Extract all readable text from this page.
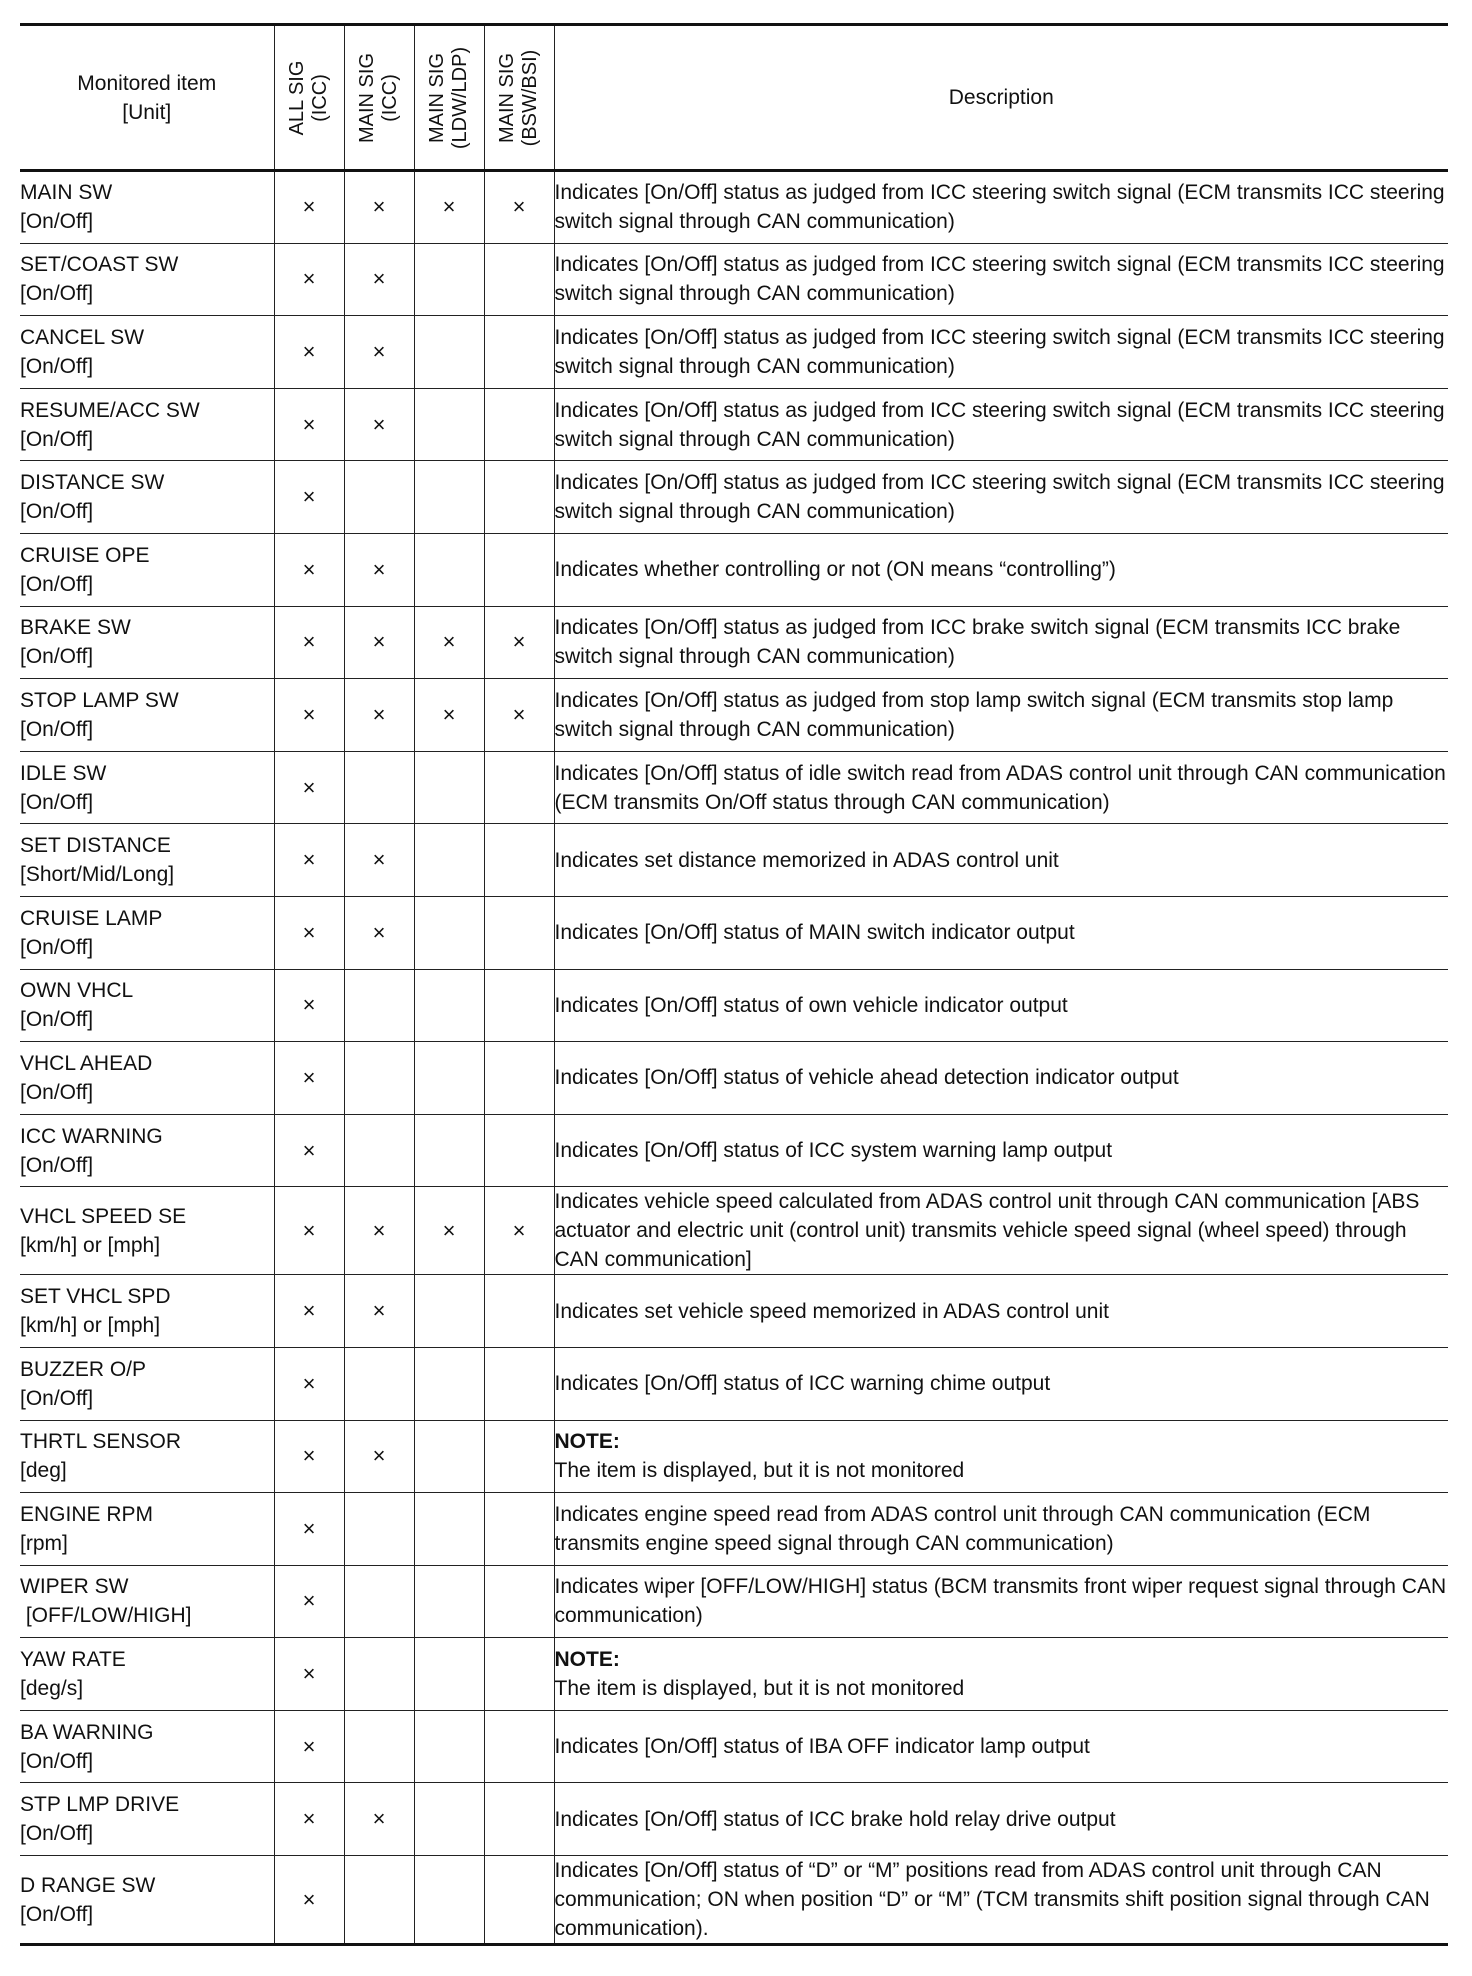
Monitored item
[Unit]	ALL SIG (ICC)	MAIN SIG (ICC)	MAIN SIG (LDW/LDP)	MAIN SIG (BSW/BSI)	Description

MAIN SW
[On/Off]	×	×	×	×	Indicates [On/Off] status as judged from ICC steering switch signal (ECM transmits ICC steering switch signal through CAN communication)

SET/COAST SW
[On/Off]	×	×			Indicates [On/Off] status as judged from ICC steering switch signal (ECM transmits ICC steering switch signal through CAN communication)

CANCEL SW
[On/Off]	×	×			Indicates [On/Off] status as judged from ICC steering switch signal (ECM transmits ICC steering switch signal through CAN communication)

RESUME/ACC SW
[On/Off]	×	×			Indicates [On/Off] status as judged from ICC steering switch signal (ECM transmits ICC steering switch signal through CAN communication)

DISTANCE SW
[On/Off]	×				Indicates [On/Off] status as judged from ICC steering switch signal (ECM transmits ICC steering switch signal through CAN communication)

CRUISE OPE
[On/Off]	×	×			Indicates whether controlling or not (ON means “controlling”)

BRAKE SW
[On/Off]	×	×	×	×	Indicates [On/Off] status as judged from ICC brake switch signal (ECM transmits ICC brake switch signal through CAN communication)

STOP LAMP SW
[On/Off]	×	×	×	×	Indicates [On/Off] status as judged from stop lamp switch signal (ECM transmits stop lamp switch signal through CAN communication)

IDLE SW
[On/Off]	×				Indicates [On/Off] status of idle switch read from ADAS control unit through CAN communication (ECM transmits On/Off status through CAN communication)

SET DISTANCE
[Short/Mid/Long]	×	×			Indicates set distance memorized in ADAS control unit

CRUISE LAMP
[On/Off]	×	×			Indicates [On/Off] status of MAIN switch indicator output

OWN VHCL
[On/Off]	×				Indicates [On/Off] status of own vehicle indicator output

VHCL AHEAD
[On/Off]	×				Indicates [On/Off] status of vehicle ahead detection indicator output

ICC WARNING
[On/Off]	×				Indicates [On/Off] status of ICC system warning lamp output

VHCL SPEED SE
[km/h] or [mph]	×	×	×	×	Indicates vehicle speed calculated from ADAS control unit through CAN communication [ABS actuator and electric unit (control unit) transmits vehicle speed signal (wheel speed) through CAN communication]

SET VHCL SPD
[km/h] or [mph]	×	×			Indicates set vehicle speed memorized in ADAS control unit

BUZZER O/P
[On/Off]	×				Indicates [On/Off] status of ICC warning chime output

THRTL SENSOR
[deg]	×	×			NOTE:
The item is displayed, but it is not monitored

ENGINE RPM
[rpm]	×				Indicates engine speed read from ADAS control unit through CAN communication (ECM transmits engine speed signal through CAN communication)

WIPER SW
[OFF/LOW/HIGH]	×				Indicates wiper [OFF/LOW/HIGH] status (BCM transmits front wiper request signal through CAN communication)

YAW RATE
[deg/s]	×				NOTE:
The item is displayed, but it is not monitored

BA WARNING
[On/Off]	×				Indicates [On/Off] status of IBA OFF indicator lamp output

STP LMP DRIVE
[On/Off]	×	×			Indicates [On/Off] status of ICC brake hold relay drive output

D RANGE SW
[On/Off]	×				Indicates [On/Off] status of “D” or “M” positions read from ADAS control unit through CAN communication; ON when position “D” or “M” (TCM transmits shift position signal through CAN communication).
